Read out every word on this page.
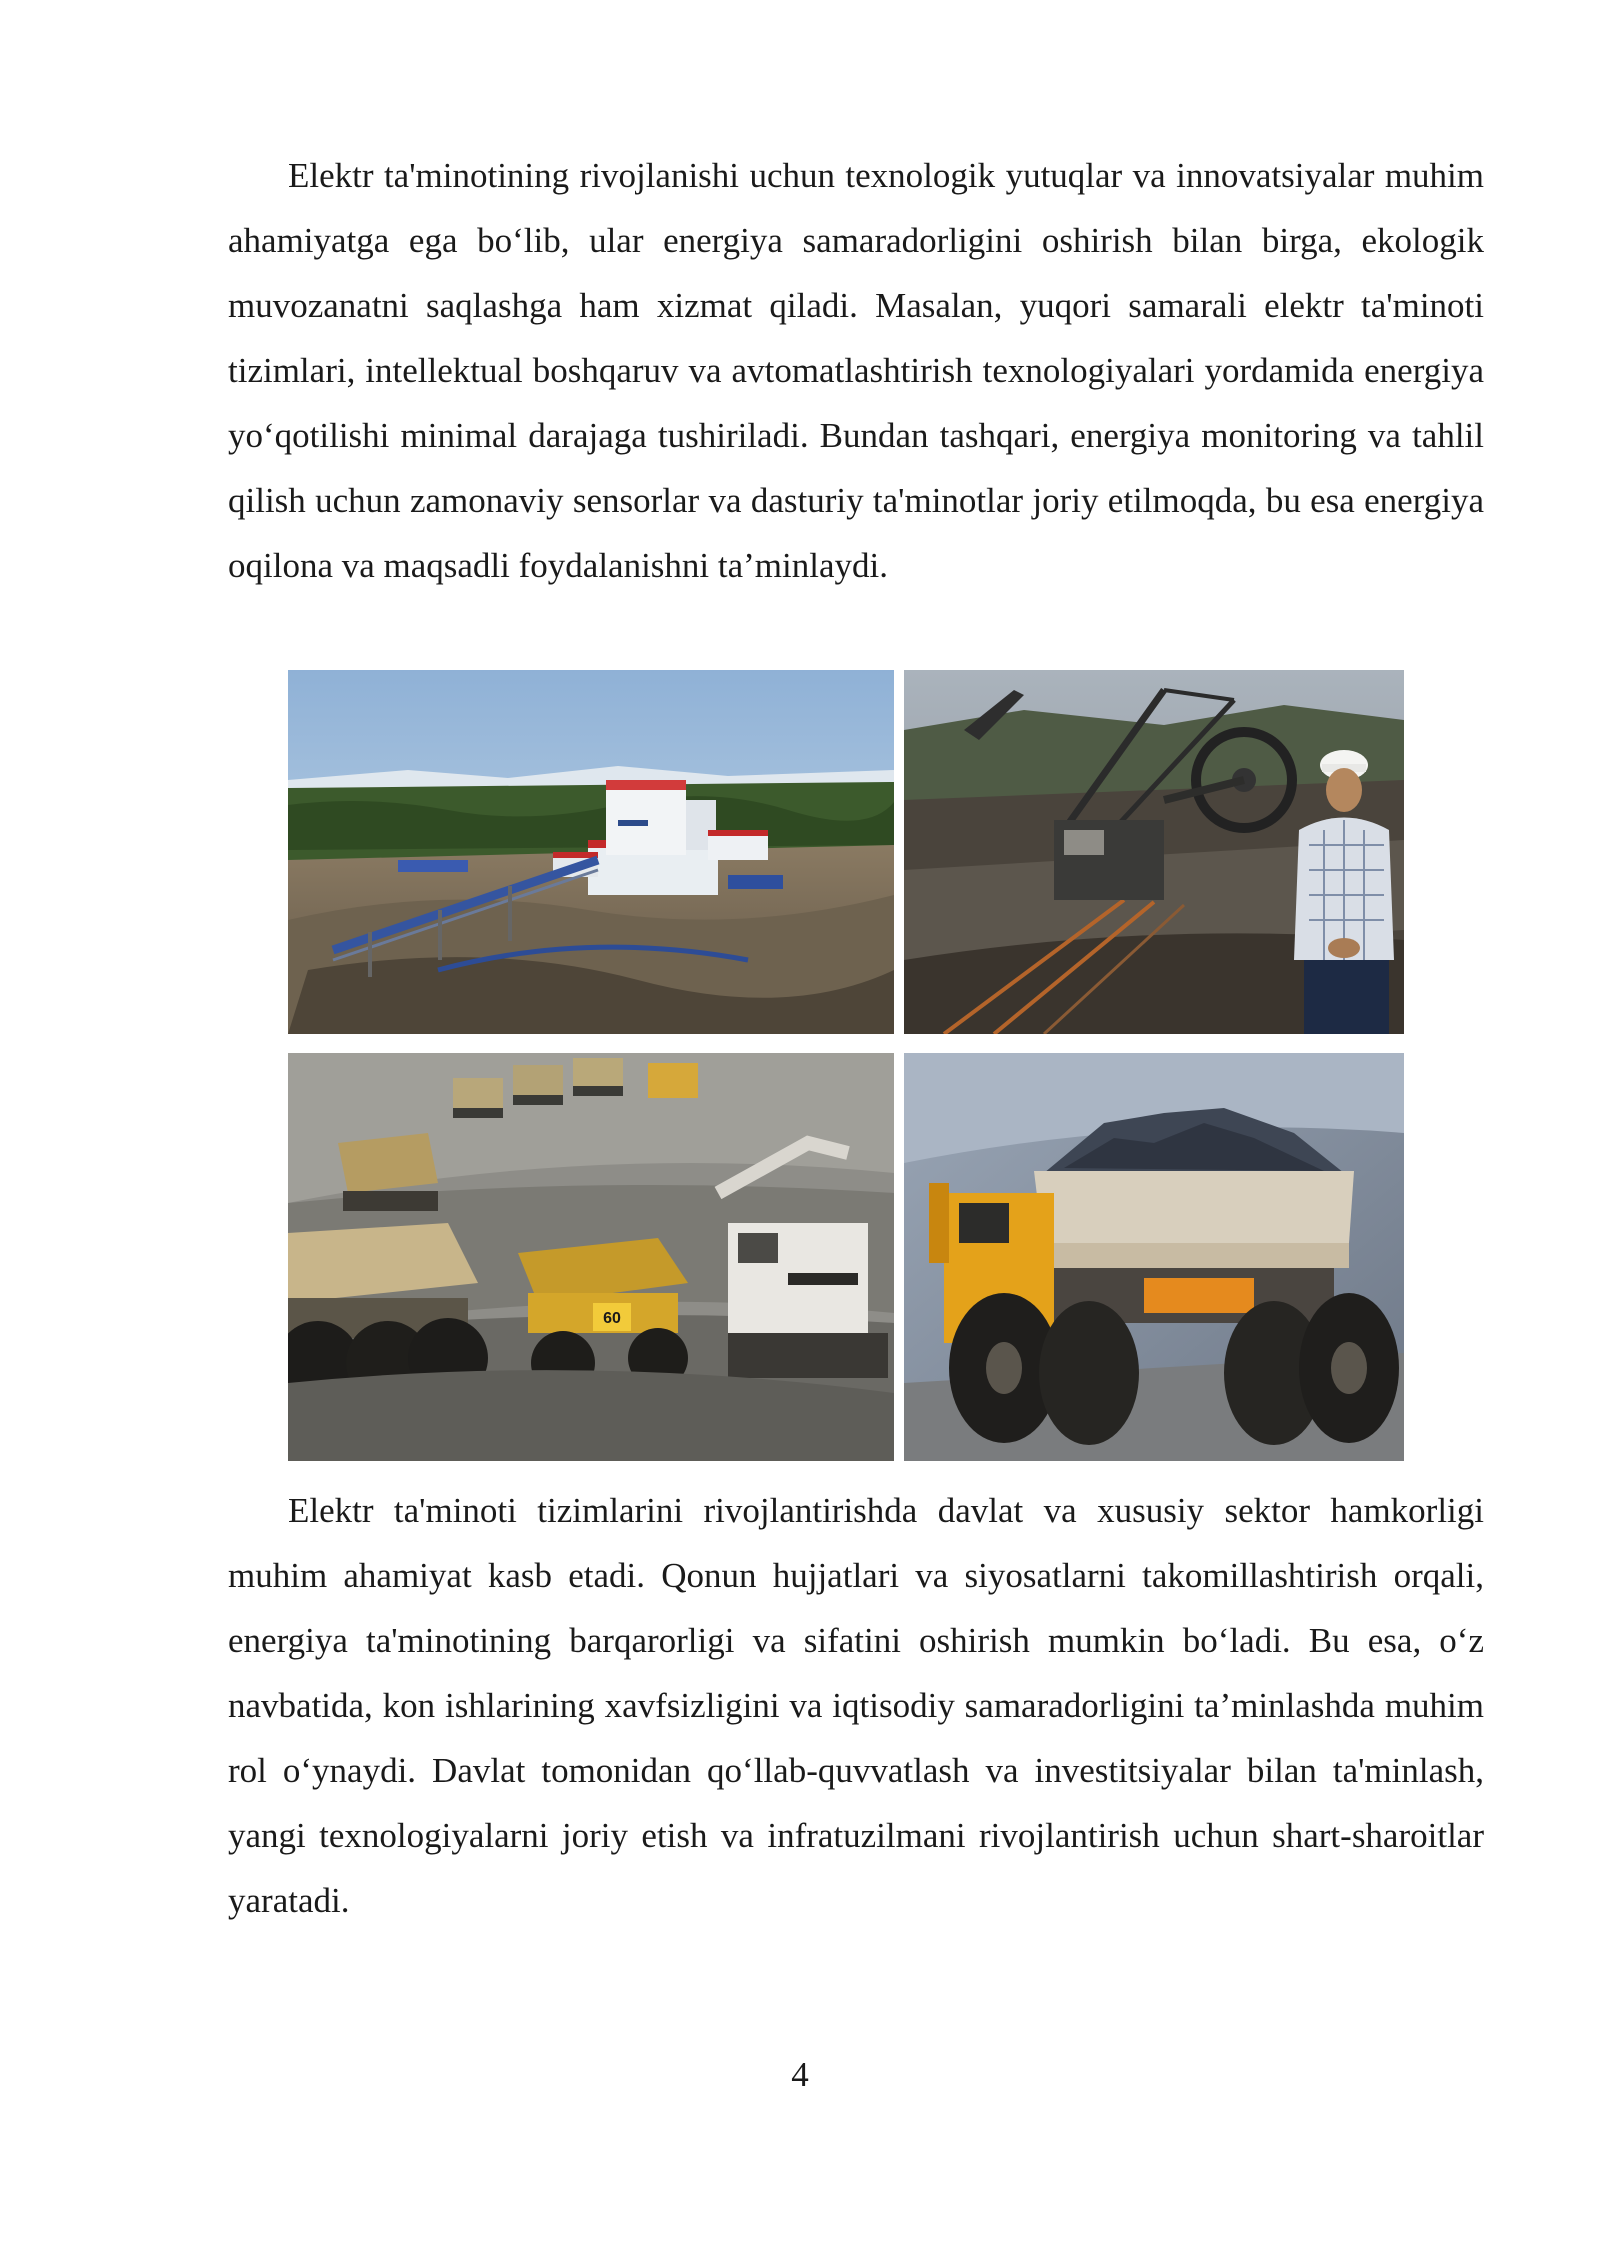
Elektr ta'minotining rivojlanishi uchun texnologik yutuqlar va innovatsiyalar muhim ahamiyatga ega bo‘lib, ular energiya samaradorligini oshirish bilan birga, ekologik muvozanatni saqlashga ham xizmat qiladi. Masalan, yuqori samarali elektr ta'minoti tizimlari, intellektual boshqaruv va avtomatlashtirish texnologiyalari yordamida energiya yo‘qotilishi minimal darajaga tushiriladi. Bundan tashqari, energiya monitoring va tahlil qilish uchun zamonaviy sensorlar va dasturiy ta'minotlar joriy etilmoqda, bu esa energiya oqilona va maqsadli foydalanishni ta’minlaydi.

60

Elektr ta'minoti tizimlarini rivojlantirishda davlat va xususiy sektor hamkorligi muhim ahamiyat kasb etadi. Qonun hujjatlari va siyosatlarni takomillashtirish orqali, energiya ta'minotining barqarorligi va sifatini oshirish mumkin bo‘ladi. Bu esa, o‘z navbatida, kon ishlarining xavfsizligini va iqtisodiy samaradorligini ta’minlashda muhim rol o‘ynaydi. Davlat tomonidan qo‘llab-quvvatlash va investitsiyalar bilan ta'minlash, yangi texnologiyalarni joriy etish va infratuzilmani rivojlantirish uchun shart-sharoitlar yaratadi.

4
